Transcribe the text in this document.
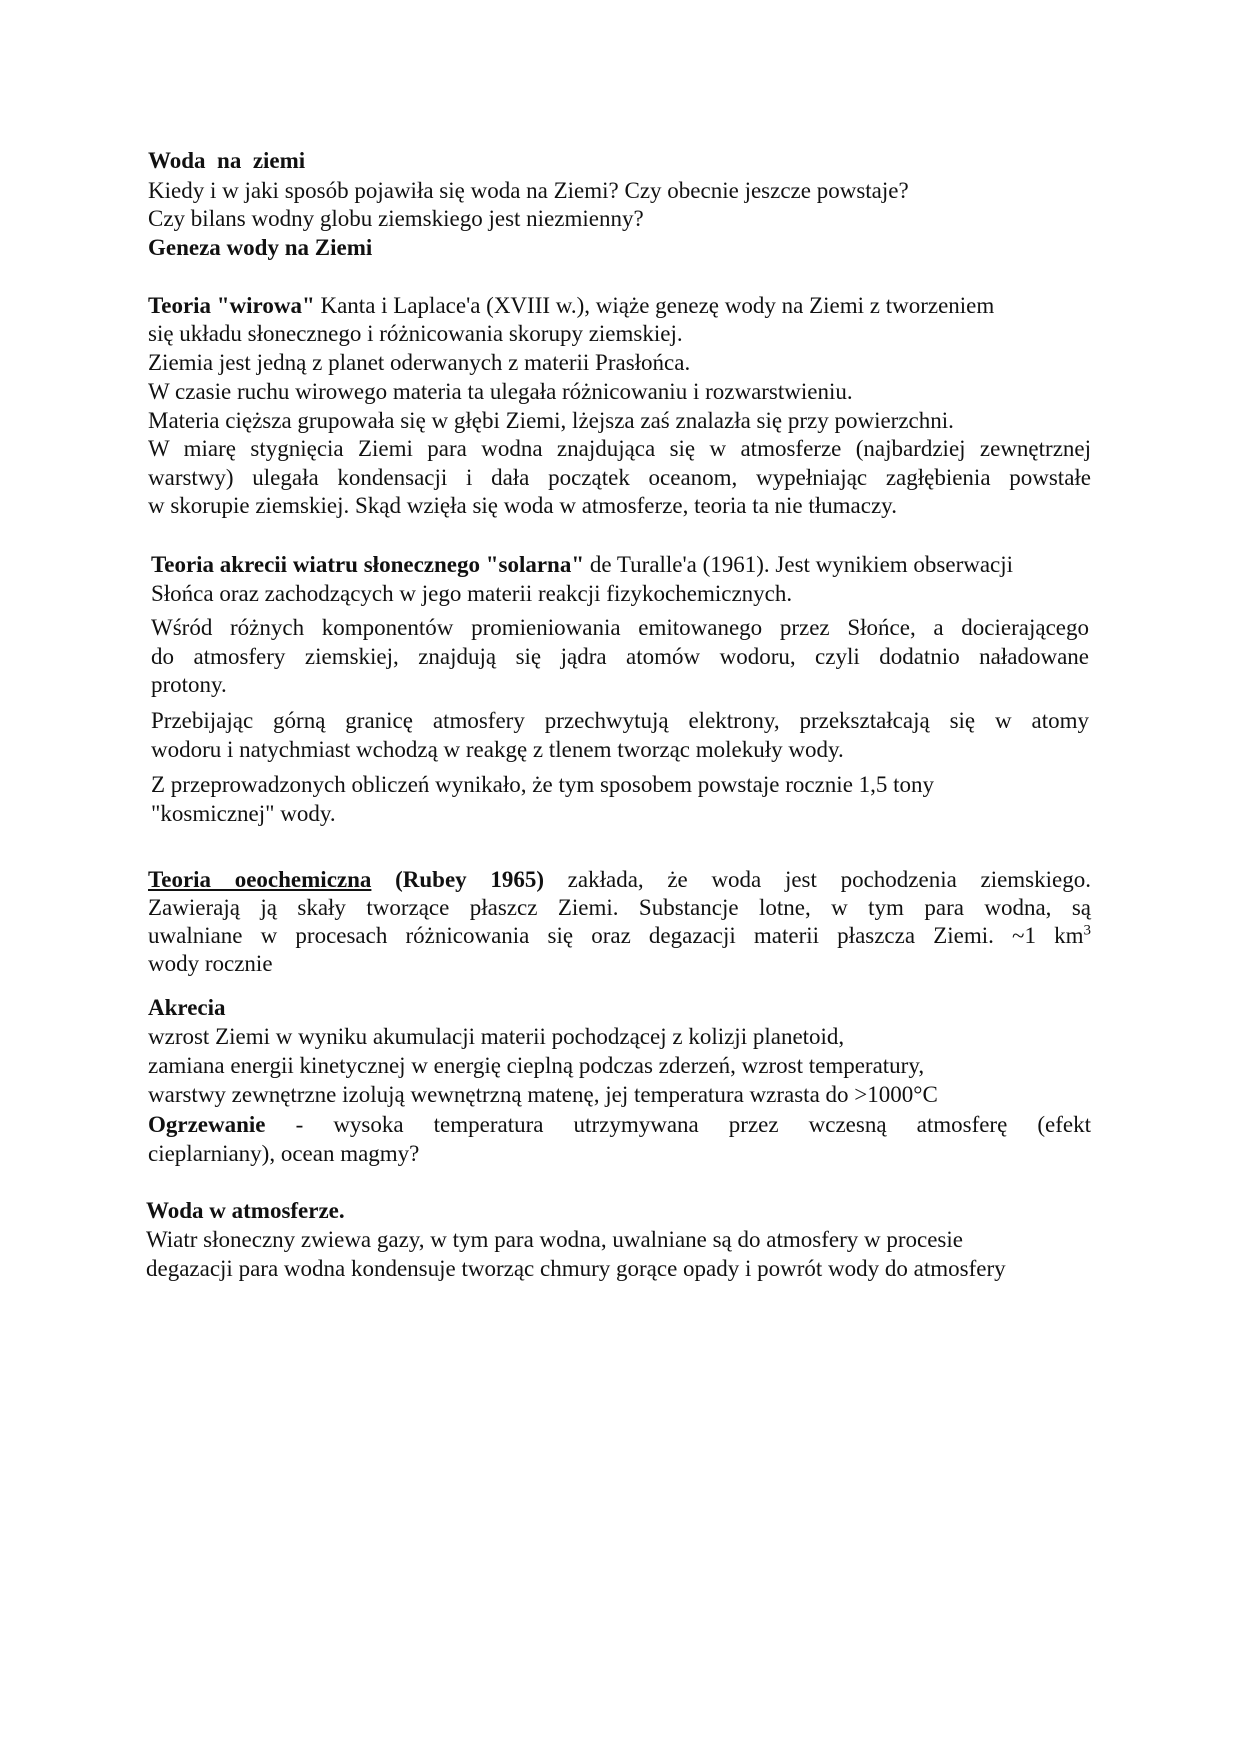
Woda  na  ziemi
Kiedy i w jaki sposób pojawiła się woda na Ziemi? Czy obecnie jeszcze powstaje?
Czy bilans wodny globu ziemskiego jest niezmienny?
Geneza wody na Ziemi
Teoria "wirowa" Kanta i Laplace'a (XVIII w.), wiąże genezę wody na Ziemi z tworzeniem
się układu słonecznego i różnicowania skorupy ziemskiej.
Ziemia jest jedną z planet oderwanych z materii Prasłońca.
W czasie ruchu wirowego materia ta ulegała różnicowaniu i rozwarstwieniu.
Materia cięższa grupowała się w głębi Ziemi, lżejsza zaś znalazła się przy powierzchni.
W miarę stygnięcia Ziemi para wodna znajdująca się w atmosferze (najbardziej zewnętrznej
warstwy) ulegała kondensacji i dała początek oceanom, wypełniając zagłębienia powstałe
w skorupie ziemskiej. Skąd wzięła się woda w atmosferze, teoria ta nie tłumaczy.
Teoria akrecii wiatru słonecznego "solarna" de Turalle'a (1961). Jest wynikiem obserwacji
Słońca oraz zachodzących w jego materii reakcji fizykochemicznych.
Wśród różnych komponentów promieniowania emitowanego przez Słońce, a docierającego
do atmosfery ziemskiej, znajdują się jądra atomów wodoru, czyli dodatnio naładowane
protony.
Przebijając górną granicę atmosfery przechwytują elektrony, przekształcają się w atomy
wodoru i natychmiast wchodzą w reakgę z tlenem tworząc molekuły wody.
Z przeprowadzonych obliczeń wynikało, że tym sposobem powstaje rocznie 1,5 tony
"kosmicznej" wody.
Teoria oeochemiczna (Rubey 1965) zakłada, że woda jest pochodzenia ziemskiego.
Zawierają ją skały tworzące płaszcz Ziemi. Substancje lotne, w tym para wodna, są
uwalniane w procesach różnicowania się oraz degazacji materii płaszcza Ziemi. ~1 $km^3$
wody rocznie
Akrecia
wzrost Ziemi w wyniku akumulacji materii pochodzącej z kolizji planetoid,
zamiana energii kinetycznej w energię cieplną podczas zderzeń, wzrost temperatury,
warstwy zewnętrzne izolują wewnętrzną matenę, jej temperatura wzrasta do >1000°C
Ogrzewanie - wysoka temperatura utrzymywana przez wczesną atmosferę (efekt
cieplarniany), ocean magmy?
Woda w atmosferze.
Wiatr słoneczny zwiewa gazy, w tym para wodna, uwalniane są do atmosfery w procesie
degazacji para wodna kondensuje tworząc chmury gorące opady i powrót wody do atmosfery
